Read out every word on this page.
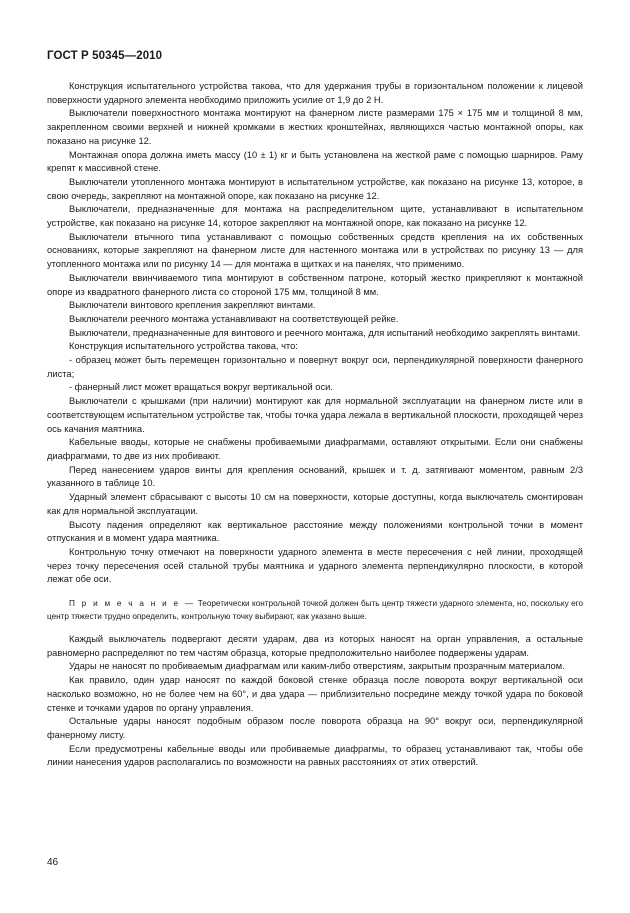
ГОСТ Р 50345—2010

Конструкция испытательного устройства такова, что для удержания трубы в горизонтальном положении к лицевой поверхности ударного элемента необходимо приложить усилие от 1,9 до 2 Н.

Выключатели поверхностного монтажа монтируют на фанерном листе размерами 175 × 175 мм и толщиной 8 мм, закрепленном своими верхней и нижней кромками в жестких кронштейнах, являющихся частью монтажной опоры, как показано на рисунке 12.

Монтажная опора должна иметь массу (10 ± 1) кг и быть установлена на жесткой раме с помощью шарниров. Раму крепят к массивной стене.

Выключатели утопленного монтажа монтируют в испытательном устройстве, как показано на рисунке 13, которое, в свою очередь, закрепляют на монтажной опоре, как показано на рисунке 12.

Выключатели, предназначенные для монтажа на распределительном щите, устанавливают в испытательном устройстве, как показано на рисунке 14, которое закрепляют на монтажной опоре, как показано на рисунке 12.

Выключатели втычного типа устанавливают с помощью собственных средств крепления на их собственных основаниях, которые закрепляют на фанерном листе для настенного монтажа или в устройствах по рисунку 13 — для утопленного монтажа или по рисунку 14 — для монтажа в щитках и на панелях, что применимо.

Выключатели ввинчиваемого типа монтируют в собственном патроне, который жестко прикрепляют к монтажной опоре из квадратного фанерного листа со стороной 175 мм, толщиной 8 мм.

Выключатели винтового крепления закрепляют винтами.

Выключатели реечного монтажа устанавливают на соответствующей рейке.

Выключатели, предназначенные для винтового и реечного монтажа, для испытаний необходимо закреплять винтами.

Конструкция испытательного устройства такова, что:

- образец может быть перемещен горизонтально и повернут вокруг оси, перпендикулярной поверхности фанерного листа;

- фанерный лист может вращаться вокруг вертикальной оси.

Выключатели с крышками (при наличии) монтируют как для нормальной эксплуатации на фанерном листе или в соответствующем испытательном устройстве так, чтобы точка удара лежала в вертикальной плоскости, проходящей через ось качания маятника.

Кабельные вводы, которые не снабжены пробиваемыми диафрагмами, оставляют открытыми. Если они снабжены диафрагмами, то две из них пробивают.

Перед нанесением ударов винты для крепления оснований, крышек и т. д. затягивают моментом, равным 2/3 указанного в таблице 10.

Ударный элемент сбрасывают с высоты 10 см на поверхности, которые доступны, когда выключатель смонтирован как для нормальной эксплуатации.

Высоту падения определяют как вертикальное расстояние между положениями контрольной точки в момент отпускания и в момент удара маятника.

Контрольную точку отмечают на поверхности ударного элемента в месте пересечения с ней линии, проходящей через точку пересечения осей стальной трубы маятника и ударного элемента перпендикулярно плоскости, в которой лежат обе оси.

П р и м е ч а н и е — Теоретически контрольной точкой должен быть центр тяжести ударного элемента, но, поскольку его центр тяжести трудно определить, контрольную точку выбирают, как указано выше.

Каждый выключатель подвергают десяти ударам, два из которых наносят на орган управления, а остальные равномерно распределяют по тем частям образца, которые предположительно наиболее подвержены ударам.

Удары не наносят по пробиваемым диафрагмам или каким-либо отверстиям, закрытым прозрачным материалом.

Как правило, один удар наносят по каждой боковой стенке образца после поворота вокруг вертикальной оси насколько возможно, но не более чем на 60°, и два удара — приблизительно посредине между точкой удара по боковой стенке и точками ударов по органу управления.

Остальные удары наносят подобным образом после поворота образца на 90° вокруг оси, перпендикулярной фанерному листу.

Если предусмотрены кабельные вводы или пробиваемые диафрагмы, то образец устанавливают так, чтобы обе линии нанесения ударов располагались по возможности на равных расстояниях от этих отверстий.

46
